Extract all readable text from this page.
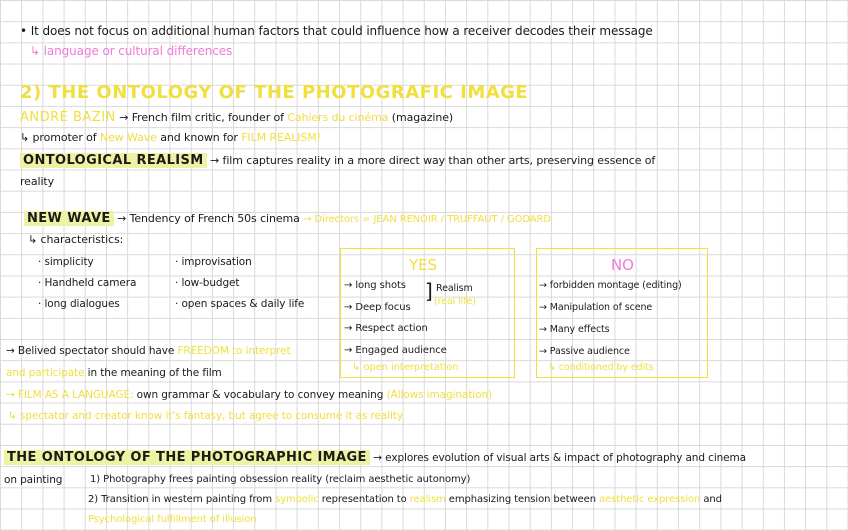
• It does not focus on additional human factors that could influence how a receiver decodes their message
↳ language or cultural differences
2) THE ONTOLOGY OF THE PHOTOGRAFIC IMAGE
ANDRÉ BAZIN → French film critic, founder of Cahiers du cinéma (magazine)
↳ promoter of New Wave and known for FILM REALISM!
ONTOLOGICAL REALISM → film captures reality in a more direct way than other arts, preserving essence of
reality
NEW WAVE → Tendency of French 50s cinema → Directors = JEAN RENOIR / TRUFFAUT / GODARD
↳ characteristics:
· simplicity
· Handheld camera
· long dialogues
· improvisation
· low-budget
· open spaces & daily life
YES
→ long shots
→ Deep focus
] Realism
(real life)
→ Respect action
→ Engaged audience
↳ open interpretation
NO
→ forbidden montage (editing)
→ Manipulation of scene
→ Many effects
→ Passive audience
↳ conditioned by edits
→ Belived spectator should have FREEDOM to interpret
and participate in the meaning of the film
→ FILM AS A LANGUAGE: own grammar & vocabulary to convey meaning (Allows imagination)
↳ spectator and creator know it's fantasy, but agree to consume it as reality
THE ONTOLOGY OF THE PHOTOGRAPHIC IMAGE → explores evolution of visual arts & impact of photography and cinema
on painting	1) Photography frees painting obsession reality (reclaim aesthetic autonomy)
2) Transition in western painting from symbolic representation to realism emphasizing tension between aesthetic expression and
Psychological fulfillment of illusion
